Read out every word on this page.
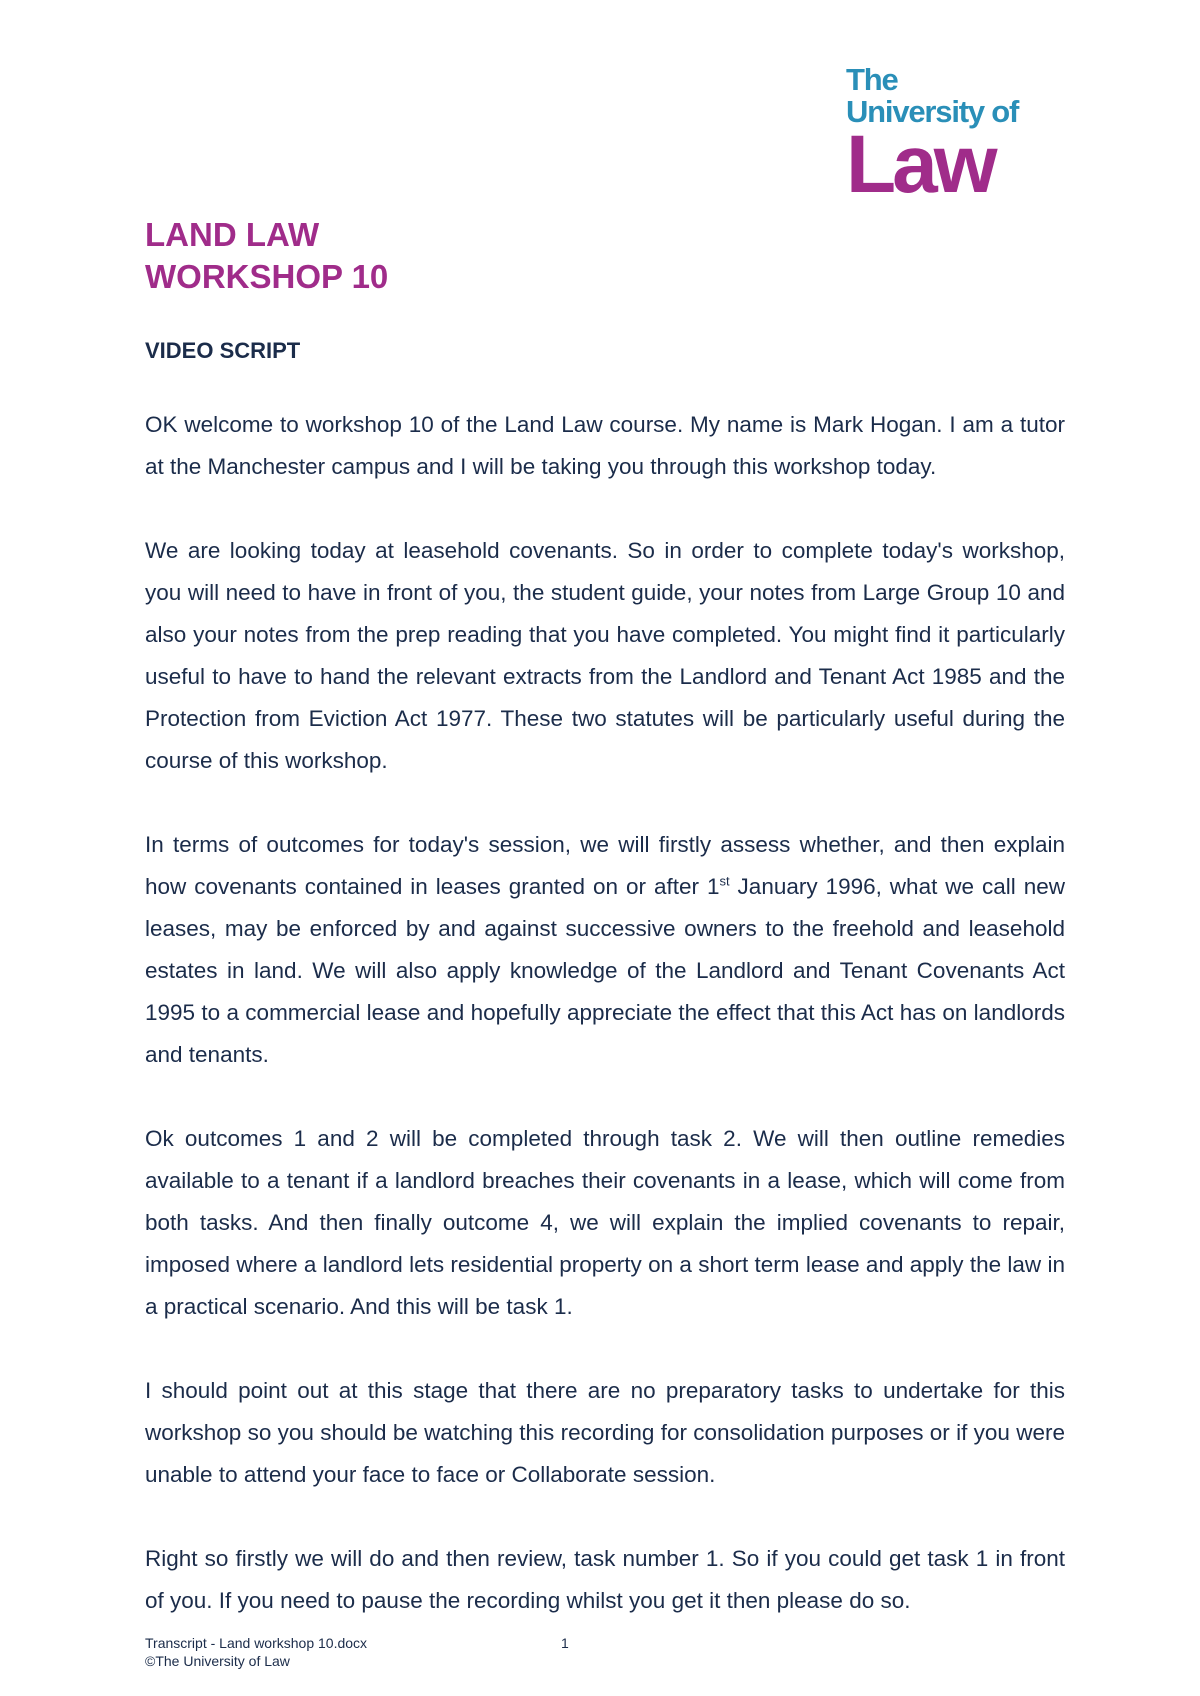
The
University of
Law
LAND LAW
WORKSHOP 10
VIDEO SCRIPT

OK welcome to workshop 10 of the Land Law course. My name is Mark Hogan. I am a tutor at the Manchester campus and I will be taking you through this workshop today.

We are looking today at leasehold covenants. So in order to complete today's workshop, you will need to have in front of you, the student guide, your notes from Large Group 10 and also your notes from the prep reading that you have completed. You might find it particularly useful to have to hand the relevant extracts from the Landlord and Tenant Act 1985 and the Protection from Eviction Act 1977. These two statutes will be particularly useful during the course of this workshop.

In terms of outcomes for today's session, we will firstly assess whether, and then explain how covenants contained in leases granted on or after 1st January 1996, what we call new leases, may be enforced by and against successive owners to the freehold and leasehold estates in land. We will also apply knowledge of the Landlord and Tenant Covenants Act 1995 to a commercial lease and hopefully appreciate the effect that this Act has on landlords and tenants.

Ok outcomes 1 and 2 will be completed through task 2. We will then outline remedies available to a tenant if a landlord breaches their covenants in a lease, which will come from both tasks. And then finally outcome 4, we will explain the implied covenants to repair, imposed where a landlord lets residential property on a short term lease and apply the law in a practical scenario. And this will be task 1.

I should point out at this stage that there are no preparatory tasks to undertake for this workshop so you should be watching this recording for consolidation purposes or if you were unable to attend your face to face or Collaborate session.

Right so firstly we will do and then review, task number 1. So if you could get task 1 in front of you. If you need to pause the recording whilst you get it then please do so.

Transcript - Land workshop 10.docx	1
©The University of Law
